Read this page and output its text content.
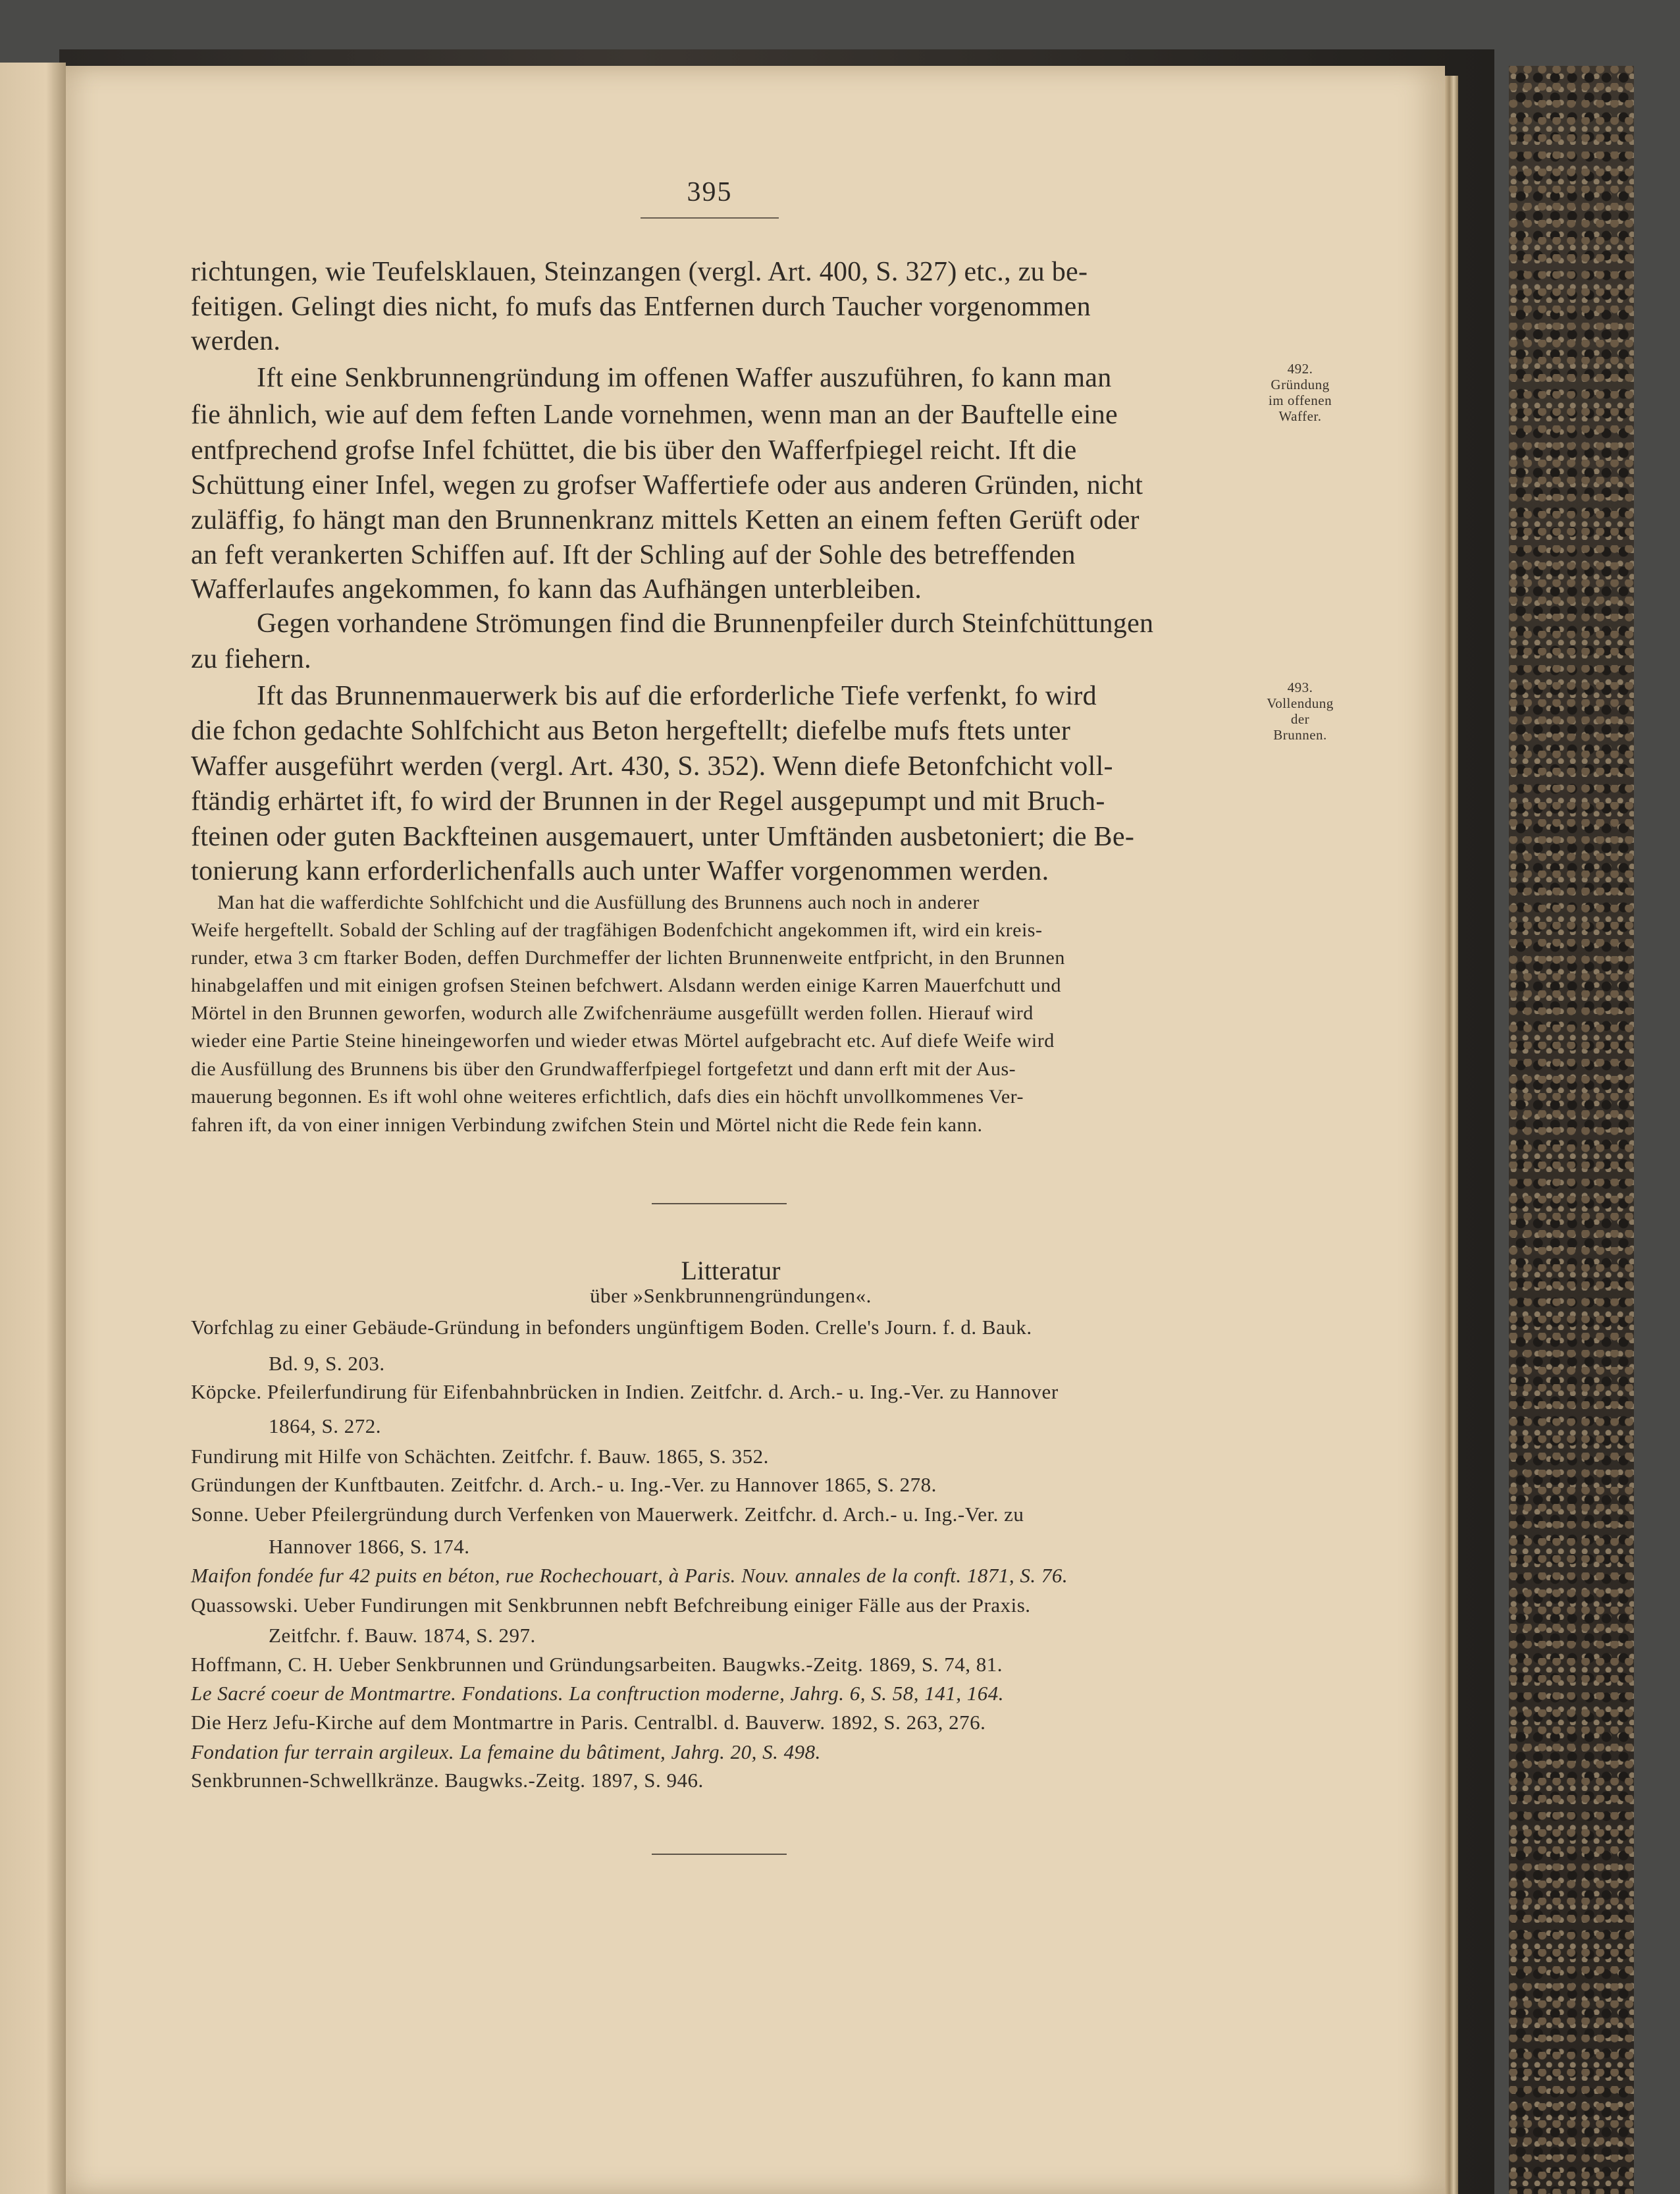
395
richtungen, wie Teufelsklauen, Steinzangen (vergl. Art. 400, S. 327) etc., zu be-
feitigen. Gelingt dies nicht, fo mufs das Entfernen durch Taucher vorgenommen
werden.
Ift eine Senkbrunnengründung im offenen Waffer auszuführen, fo kann man
fie ähnlich, wie auf dem feften Lande vornehmen, wenn man an der Bauftelle eine
entfprechend grofse Infel fchüttet, die bis über den Wafferfpiegel reicht. Ift die
Schüttung einer Infel, wegen zu grofser Waffertiefe oder aus anderen Gründen, nicht
zuläffig, fo hängt man den Brunnenkranz mittels Ketten an einem feften Gerüft oder
an feft verankerten Schiffen auf. Ift der Schling auf der Sohle des betreffenden
Wafferlaufes angekommen, fo kann das Aufhängen unterbleiben.
Gegen vorhandene Strömungen find die Brunnenpfeiler durch Steinfchüttungen
zu fiehern.
Ift das Brunnenmauerwerk bis auf die erforderliche Tiefe verfenkt, fo wird
die fchon gedachte Sohlfchicht aus Beton hergeftellt; diefelbe mufs ftets unter
Waffer ausgeführt werden (vergl. Art. 430, S. 352). Wenn diefe Betonfchicht voll-
ftändig erhärtet ift, fo wird der Brunnen in der Regel ausgepumpt und mit Bruch-
fteinen oder guten Backfteinen ausgemauert, unter Umftänden ausbetoniert; die Be-
tonierung kann erforderlichenfalls auch unter Waffer vorgenommen werden.
Man hat die wafferdichte Sohlfchicht und die Ausfüllung des Brunnens auch noch in anderer
Weife hergeftellt. Sobald der Schling auf der tragfähigen Bodenfchicht angekommen ift, wird ein kreis-
runder, etwa 3 cm ftarker Boden, deffen Durchmeffer der lichten Brunnenweite entfpricht, in den Brunnen
hinabgelaffen und mit einigen grofsen Steinen befchwert. Alsdann werden einige Karren Mauerfchutt und
Mörtel in den Brunnen geworfen, wodurch alle Zwifchenräume ausgefüllt werden follen. Hierauf wird
wieder eine Partie Steine hineingeworfen und wieder etwas Mörtel aufgebracht etc. Auf diefe Weife wird
die Ausfüllung des Brunnens bis über den Grundwafferfpiegel fortgefetzt und dann erft mit der Aus-
mauerung begonnen. Es ift wohl ohne weiteres erfichtlich, dafs dies ein höchft unvollkommenes Ver-
fahren ift, da von einer innigen Verbindung zwifchen Stein und Mörtel nicht die Rede fein kann.
492.
Gründung
im offenen
Waffer.
493.
Vollendung
der
Brunnen.
Litteratur
über »Senkbrunnengründungen«.
Vorfchlag zu einer Gebäude-Gründung in befonders ungünftigem Boden. Crelle's Journ. f. d. Bauk.
Bd. 9, S. 203.
Köpcke. Pfeilerfundirung für Eifenbahnbrücken in Indien. Zeitfchr. d. Arch.- u. Ing.-Ver. zu Hannover
1864, S. 272.
Fundirung mit Hilfe von Schächten. Zeitfchr. f. Bauw. 1865, S. 352.
Gründungen der Kunftbauten. Zeitfchr. d. Arch.- u. Ing.-Ver. zu Hannover 1865, S. 278.
Sonne. Ueber Pfeilergründung durch Verfenken von Mauerwerk. Zeitfchr. d. Arch.- u. Ing.-Ver. zu
Hannover 1866, S. 174.
Maifon fondée fur 42 puits en béton, rue Rochechouart, à Paris. Nouv. annales de la conft. 1871, S. 76.
Quassowski. Ueber Fundirungen mit Senkbrunnen nebft Befchreibung einiger Fälle aus der Praxis.
Zeitfchr. f. Bauw. 1874, S. 297.
Hoffmann, C. H. Ueber Senkbrunnen und Gründungsarbeiten. Baugwks.-Zeitg. 1869, S. 74, 81.
Le Sacré coeur de Montmartre. Fondations. La conftruction moderne, Jahrg. 6, S. 58, 141, 164.
Die Herz Jefu-Kirche auf dem Montmartre in Paris. Centralbl. d. Bauverw. 1892, S. 263, 276.
Fondation fur terrain argileux. La femaine du bâtiment, Jahrg. 20, S. 498.
Senkbrunnen-Schwellkränze. Baugwks.-Zeitg. 1897, S. 946.
